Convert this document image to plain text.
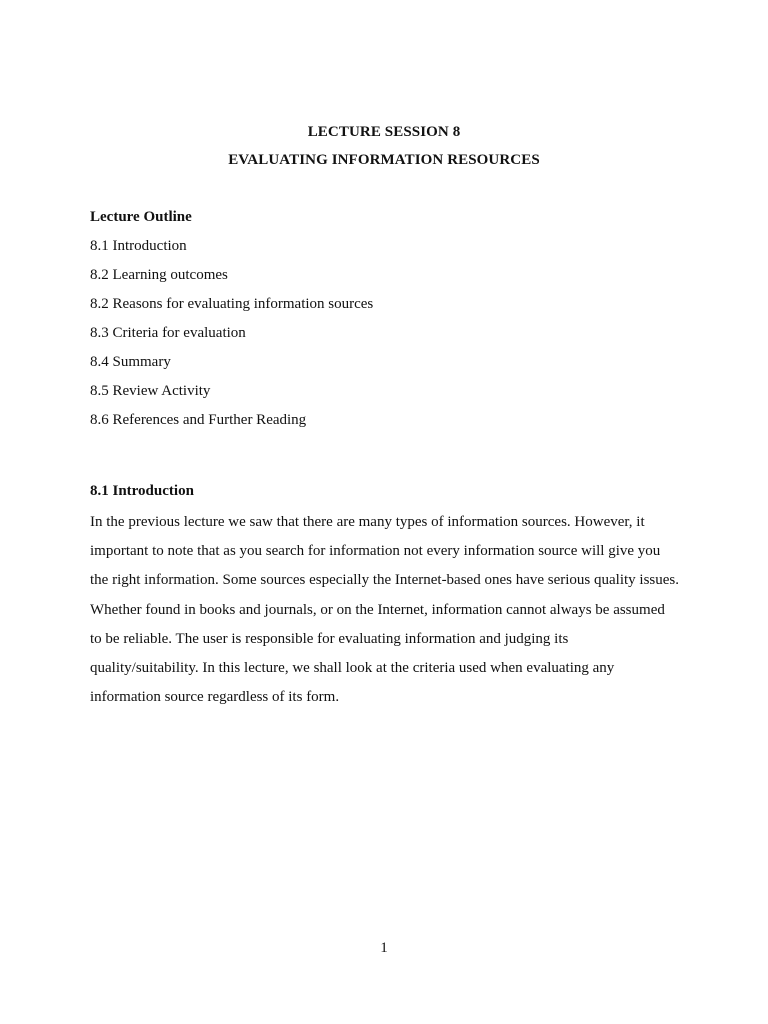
LECTURE SESSION 8
EVALUATING INFORMATION RESOURCES
Lecture Outline
8.1 Introduction
8.2 Learning outcomes
8.2 Reasons for evaluating information sources
8.3 Criteria for evaluation
8.4 Summary
8.5 Review Activity
8.6 References and Further Reading
8.1 Introduction

In the previous lecture we saw that there are many types of information sources. However, it important to note that as you search for information not every information source will give you the right information. Some sources especially the Internet-based ones have serious quality issues. Whether found in books and journals, or on the Internet, information cannot always be assumed to be reliable. The user is responsible for evaluating information and judging its quality/suitability. In this lecture, we shall look at the criteria used when evaluating any information source regardless of its form.

1
